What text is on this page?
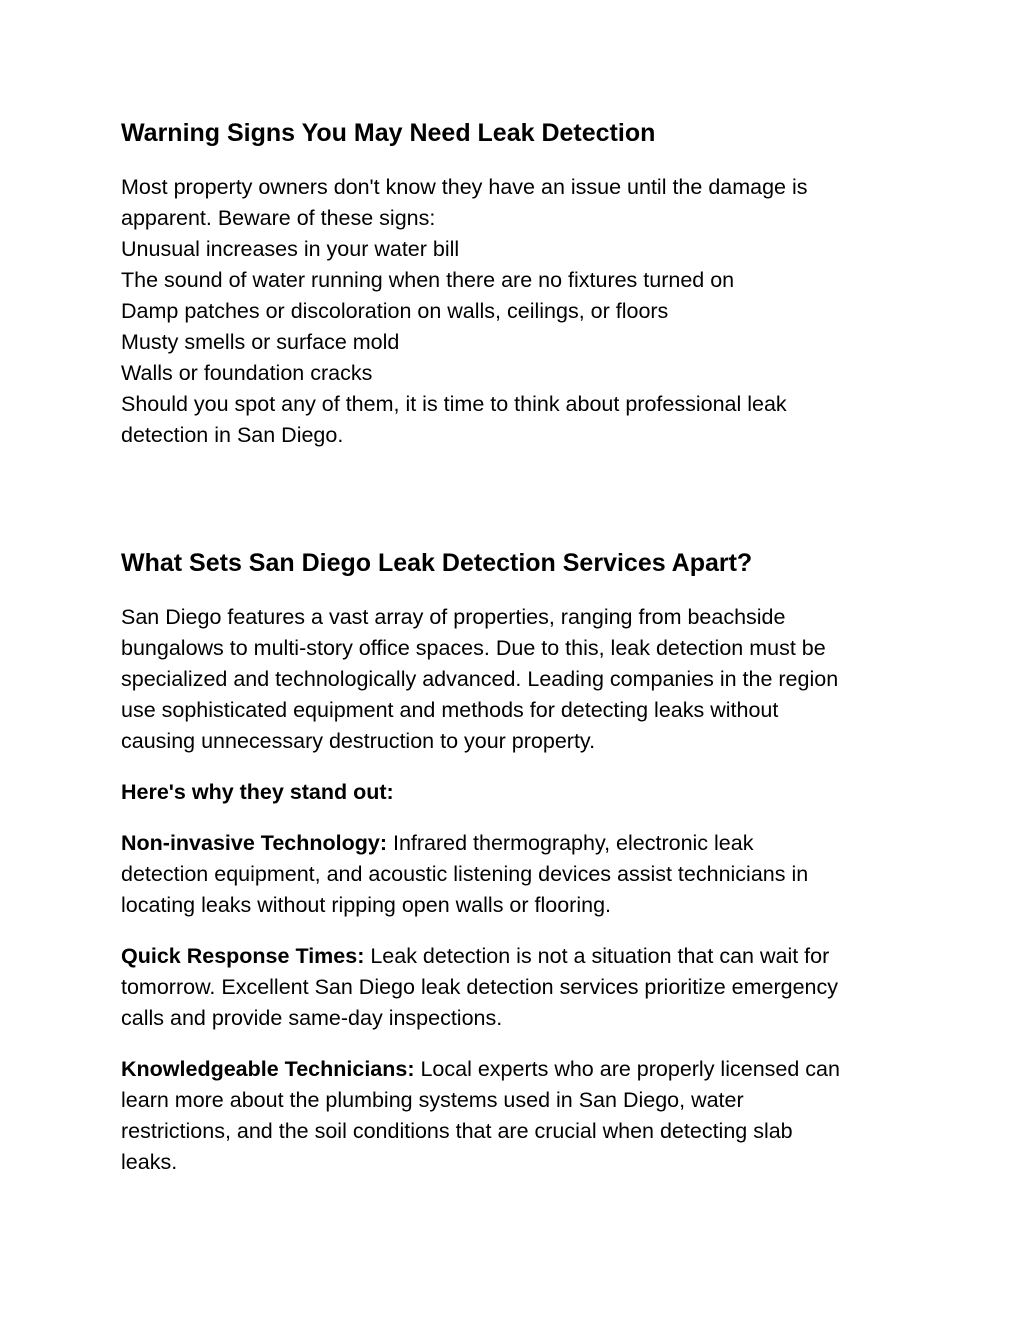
Warning Signs You May Need Leak Detection

Most property owners don't know they have an issue until the damage is
apparent. Beware of these signs:
Unusual increases in your water bill
The sound of water running when there are no fixtures turned on
Damp patches or discoloration on walls, ceilings, or floors
Musty smells or surface mold
Walls or foundation cracks
Should you spot any of them, it is time to think about professional leak
detection in San Diego.

What Sets San Diego Leak Detection Services Apart?

San Diego features a vast array of properties, ranging from beachside
bungalows to multi-story office spaces. Due to this, leak detection must be
specialized and technologically advanced. Leading companies in the region
use sophisticated equipment and methods for detecting leaks without
causing unnecessary destruction to your property.

Here's why they stand out:

Non-invasive Technology: Infrared thermography, electronic leak
detection equipment, and acoustic listening devices assist technicians in
locating leaks without ripping open walls or flooring.

Quick Response Times: Leak detection is not a situation that can wait for
tomorrow. Excellent San Diego leak detection services prioritize emergency
calls and provide same-day inspections.

Knowledgeable Technicians: Local experts who are properly licensed can
learn more about the plumbing systems used in San Diego, water
restrictions, and the soil conditions that are crucial when detecting slab
leaks.
